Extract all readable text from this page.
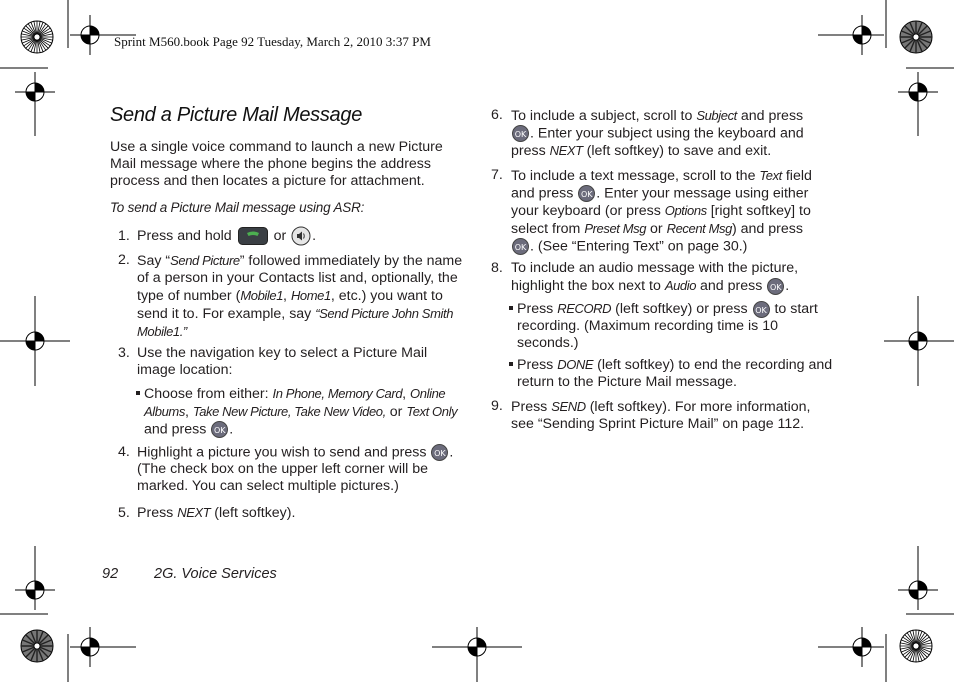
Sprint M560.book Page 92 Tuesday, March 2, 2010 3:37 PM
Send a Picture Mail Message
Use a single voice command to launch a new Picture Mail message where the phone begins the address process and then locates a picture for attachment.
To send a Picture Mail message using ASR:
1. Press and hold	or .
2. Say “Send Picture” followed immediately by the name of a person in your Contacts list and, optionally, the type of number (Mobile1, Home1, etc.) you want to send it to. For example, say “Send Picture John Smith Mobile1.”
3. Use the navigation key to select a Picture Mail image location:
Choose from either: In Phone, Memory Card, Online Albums, Take New Picture, Take New Video, or Text Only and press OK .
4. Highlight a picture you wish to send and press OK . (The check box on the upper left corner will be marked. You can select multiple pictures.)
5. Press NEXT (left softkey).
6. To include a subject, scroll to Subject and press OK . Enter your subject using the keyboard and press NEXT (left softkey) to save and exit.
7. To include a text message, scroll to the Text field and press OK . Enter your message using either your keyboard (or press Options [right softkey] to select from Preset Msg or Recent Msg) and press OK . (See “Entering Text” on page 30.)
8. To include an audio message with the picture, highlight the box next to Audio and press OK .
Press RECORD (left softkey) or press OK to start recording. (Maximum recording time is 10 seconds.)
Press DONE (left softkey) to end the recording and return to the Picture Mail message.
9. Press SEND (left softkey). For more information, see “Sending Sprint Picture Mail” on page 112.
92 2G. Voice Services
